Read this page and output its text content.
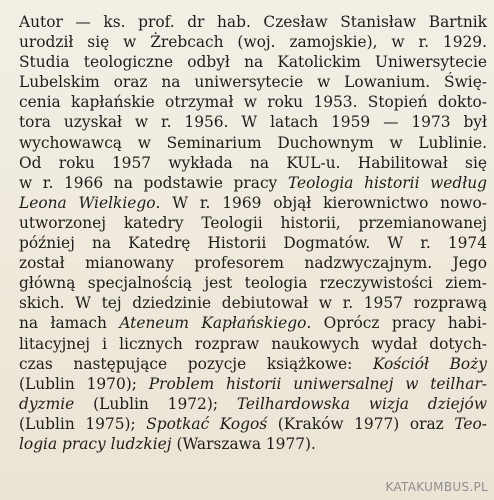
Autor — ks. prof. dr hab. Czesław Stanisław Bartnik
urodził się w Żrebcach (woj. zamojskie), w r. 1929.
Studia teologiczne odbył na Katolickim Uniwersytecie
Lubelskim oraz na uniwersytecie w Lowanium. Świę-
cenia kapłańskie otrzymał w roku 1953. Stopień dokto-
tora uzyskał w r. 1956. W latach 1959 — 1973 był
wychowawcą w Seminarium Duchownym w Lublinie.
Od roku 1957 wykłada na KUL-u. Habilitował się
w r. 1966 na podstawie pracy Teologia historii według
Leona Wielkiego. W r. 1969 objął kierownictwo nowo-
utworzonej katedry Teologii historii, przemianowanej
później na Katedrę Historii Dogmatów. W r. 1974
został mianowany profesorem nadzwyczajnym. Jego
główną specjalnością jest teologia rzeczywistości ziem-
skich. W tej dziedzinie debiutował w r. 1957 rozprawą
na łamach Ateneum Kapłańskiego. Oprócz pracy habi-
litacyjnej i licznych rozpraw naukowych wydał dotych-
czas następujące pozycje książkowe: Kościół Boży
(Lublin 1970); Problem historii uniwersalnej w teilhar-
dyzmie (Lublin 1972); Teilhardowska wizja dziejów
(Lublin 1975); Spotkać Kogoś (Kraków 1977) oraz Teo-
logia pracy ludzkiej (Warszawa 1977).
KATAKUMBUS.PL
